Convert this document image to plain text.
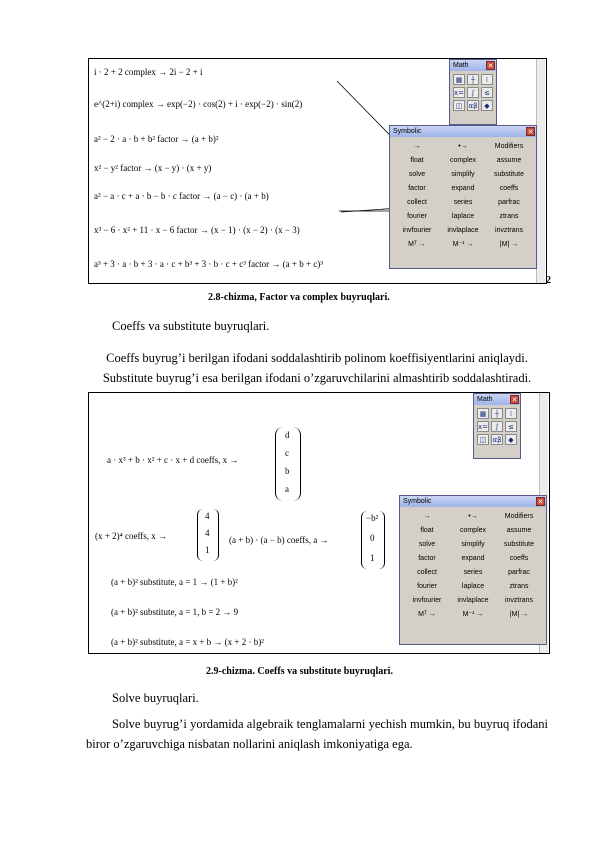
i · 2 + 2 complex → 2i − 2 + i
e^(2+i) complex → exp(−2) · cos(2) + i · exp(−2) · sin(2)
a² − 2 · a · b + b² factor → (a + b)²
x² − y² factor → (x − y) · (x + y)
a² − a · c + a · b − b · c factor → (a − c) · (a + b)
x³ − 6 · x² + 11 · x − 6 factor → (x − 1) · (x − 2) · (x − 3)
a³ + 3 · a · b + 3 · a · c + b³ + 3 · b · c + c³ factor → (a + b + c)³
Math	✕
▦	┼	⁞
x=	∫	≤
◫ αβ ◆
Symbolic	✕
→	•→	Modifiers
float	complex	assume
solve	simplify	substitute
factor	expand	coeffs
collect	series	parfrac
fourier	laplace	ztrans
invfourier	invlaplace	invztrans
Mᵀ →	M⁻¹ →	|M| →
2
2.8-chizma, Factor va complex buyruqlari.
Coeffs va substitute buyruqlari.
Coeffs buyrug’i berilgan ifodani soddalashtirib polinom koeffisiyentlarini aniqlaydi. Substitute buyrug’i esa berilgan ifodani o’zgaruvchilarini almashtirib soddalashtiradi.
a · x³ + b · x² + c · x + d coeffs, x →
d
c
b
a
(x + 2)⁴ coeffs, x →
4
4
1
(a + b) · (a − b) coeffs, a →
−b²
0
1
(a + b)² substitute, a = 1 → (1 + b)²
(a + b)² substitute, a = 1, b = 2 → 9
(a + b)² substitute, a = x + b → (x + 2 · b)²
Math	✕
▦	┼	⁞
x=	∫	≤
◫ αβ ◆
Symbolic	✕
→	•→	Modifiers
float	complex	assume
solve	simplify	substitute
factor	expand	coeffs
collect	series	parfrac
fourier	laplace	ztrans
invfourier	invlaplace	invztrans
Mᵀ →	M⁻¹ →	|M| →
2.9-chizma. Coeffs va substitute buyruqlari.
Solve buyruqlari.
Solve buyrug’i yordamida algebraik tenglamalarni yechish mumkin, bu buyruq ifodani biror o’zgaruvchiga nisbatan nollarini aniqlash imkoniyatiga ega.
